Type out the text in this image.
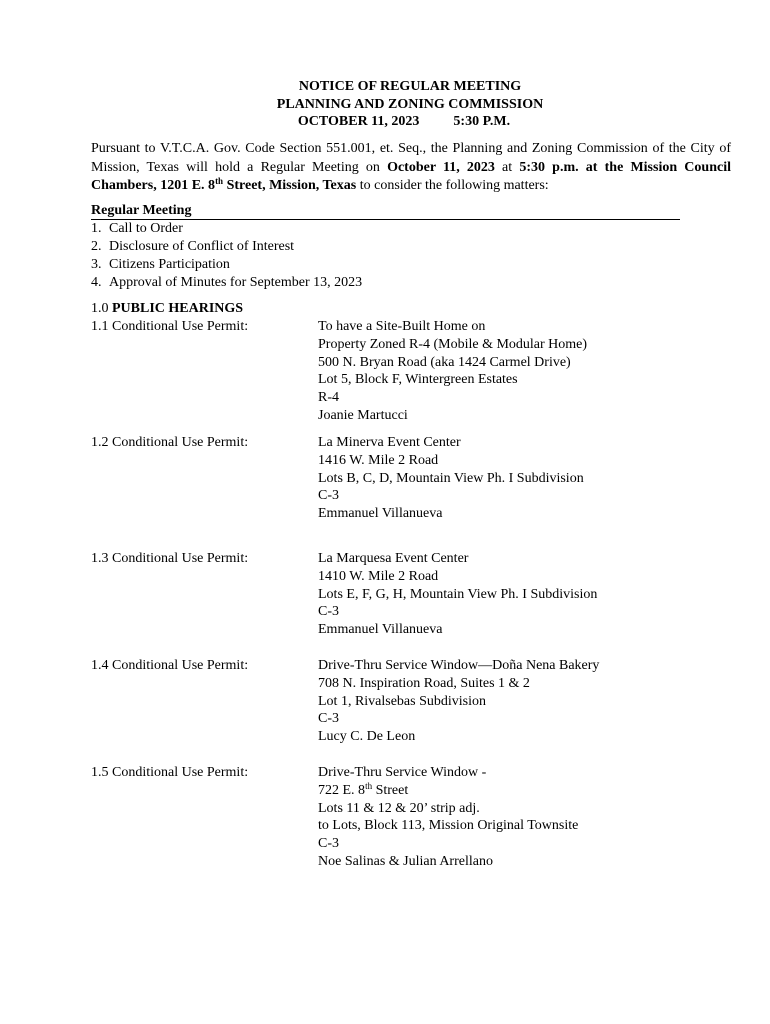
NOTICE OF REGULAR MEETING
PLANNING AND ZONING COMMISSION
OCTOBER 11, 2023 5:30 P.M.
Pursuant to V.T.C.A. Gov. Code Section 551.001, et. Seq., the Planning and Zoning Commission of the City of Mission, Texas will hold a Regular Meeting on October 11, 2023 at 5:30 p.m. at the Mission Council Chambers, 1201 E. 8th Street, Mission, Texas to consider the following matters:
Regular Meeting
1. Call to Order
2. Disclosure of Conflict of Interest
3. Citizens Participation
4. Approval of Minutes for September 13, 2023
1.0 PUBLIC HEARINGS
1.1 Conditional Use Permit:	To have a Site-Built Home on
Property Zoned R-4 (Mobile & Modular Home)
500 N. Bryan Road (aka 1424 Carmel Drive)
Lot 5, Block F, Wintergreen Estates
R-4
Joanie Martucci
1.2 Conditional Use Permit:	La Minerva Event Center
1416 W. Mile 2 Road
Lots B, C, D, Mountain View Ph. I Subdivision
C-3
Emmanuel Villanueva
1.3 Conditional Use Permit:	La Marquesa Event Center
1410 W. Mile 2 Road
Lots E, F, G, H, Mountain View Ph. I Subdivision
C-3
Emmanuel Villanueva
1.4 Conditional Use Permit:	Drive-Thru Service Window—Doña Nena Bakery
708 N. Inspiration Road, Suites 1 & 2
Lot 1, Rivalsebas Subdivision
C-3
Lucy C. De Leon
1.5 Conditional Use Permit:	Drive-Thru Service Window -
722 E. 8th Street
Lots 11 & 12 & 20’ strip adj.
to Lots, Block 113, Mission Original Townsite
C-3
Noe Salinas & Julian Arrellano
